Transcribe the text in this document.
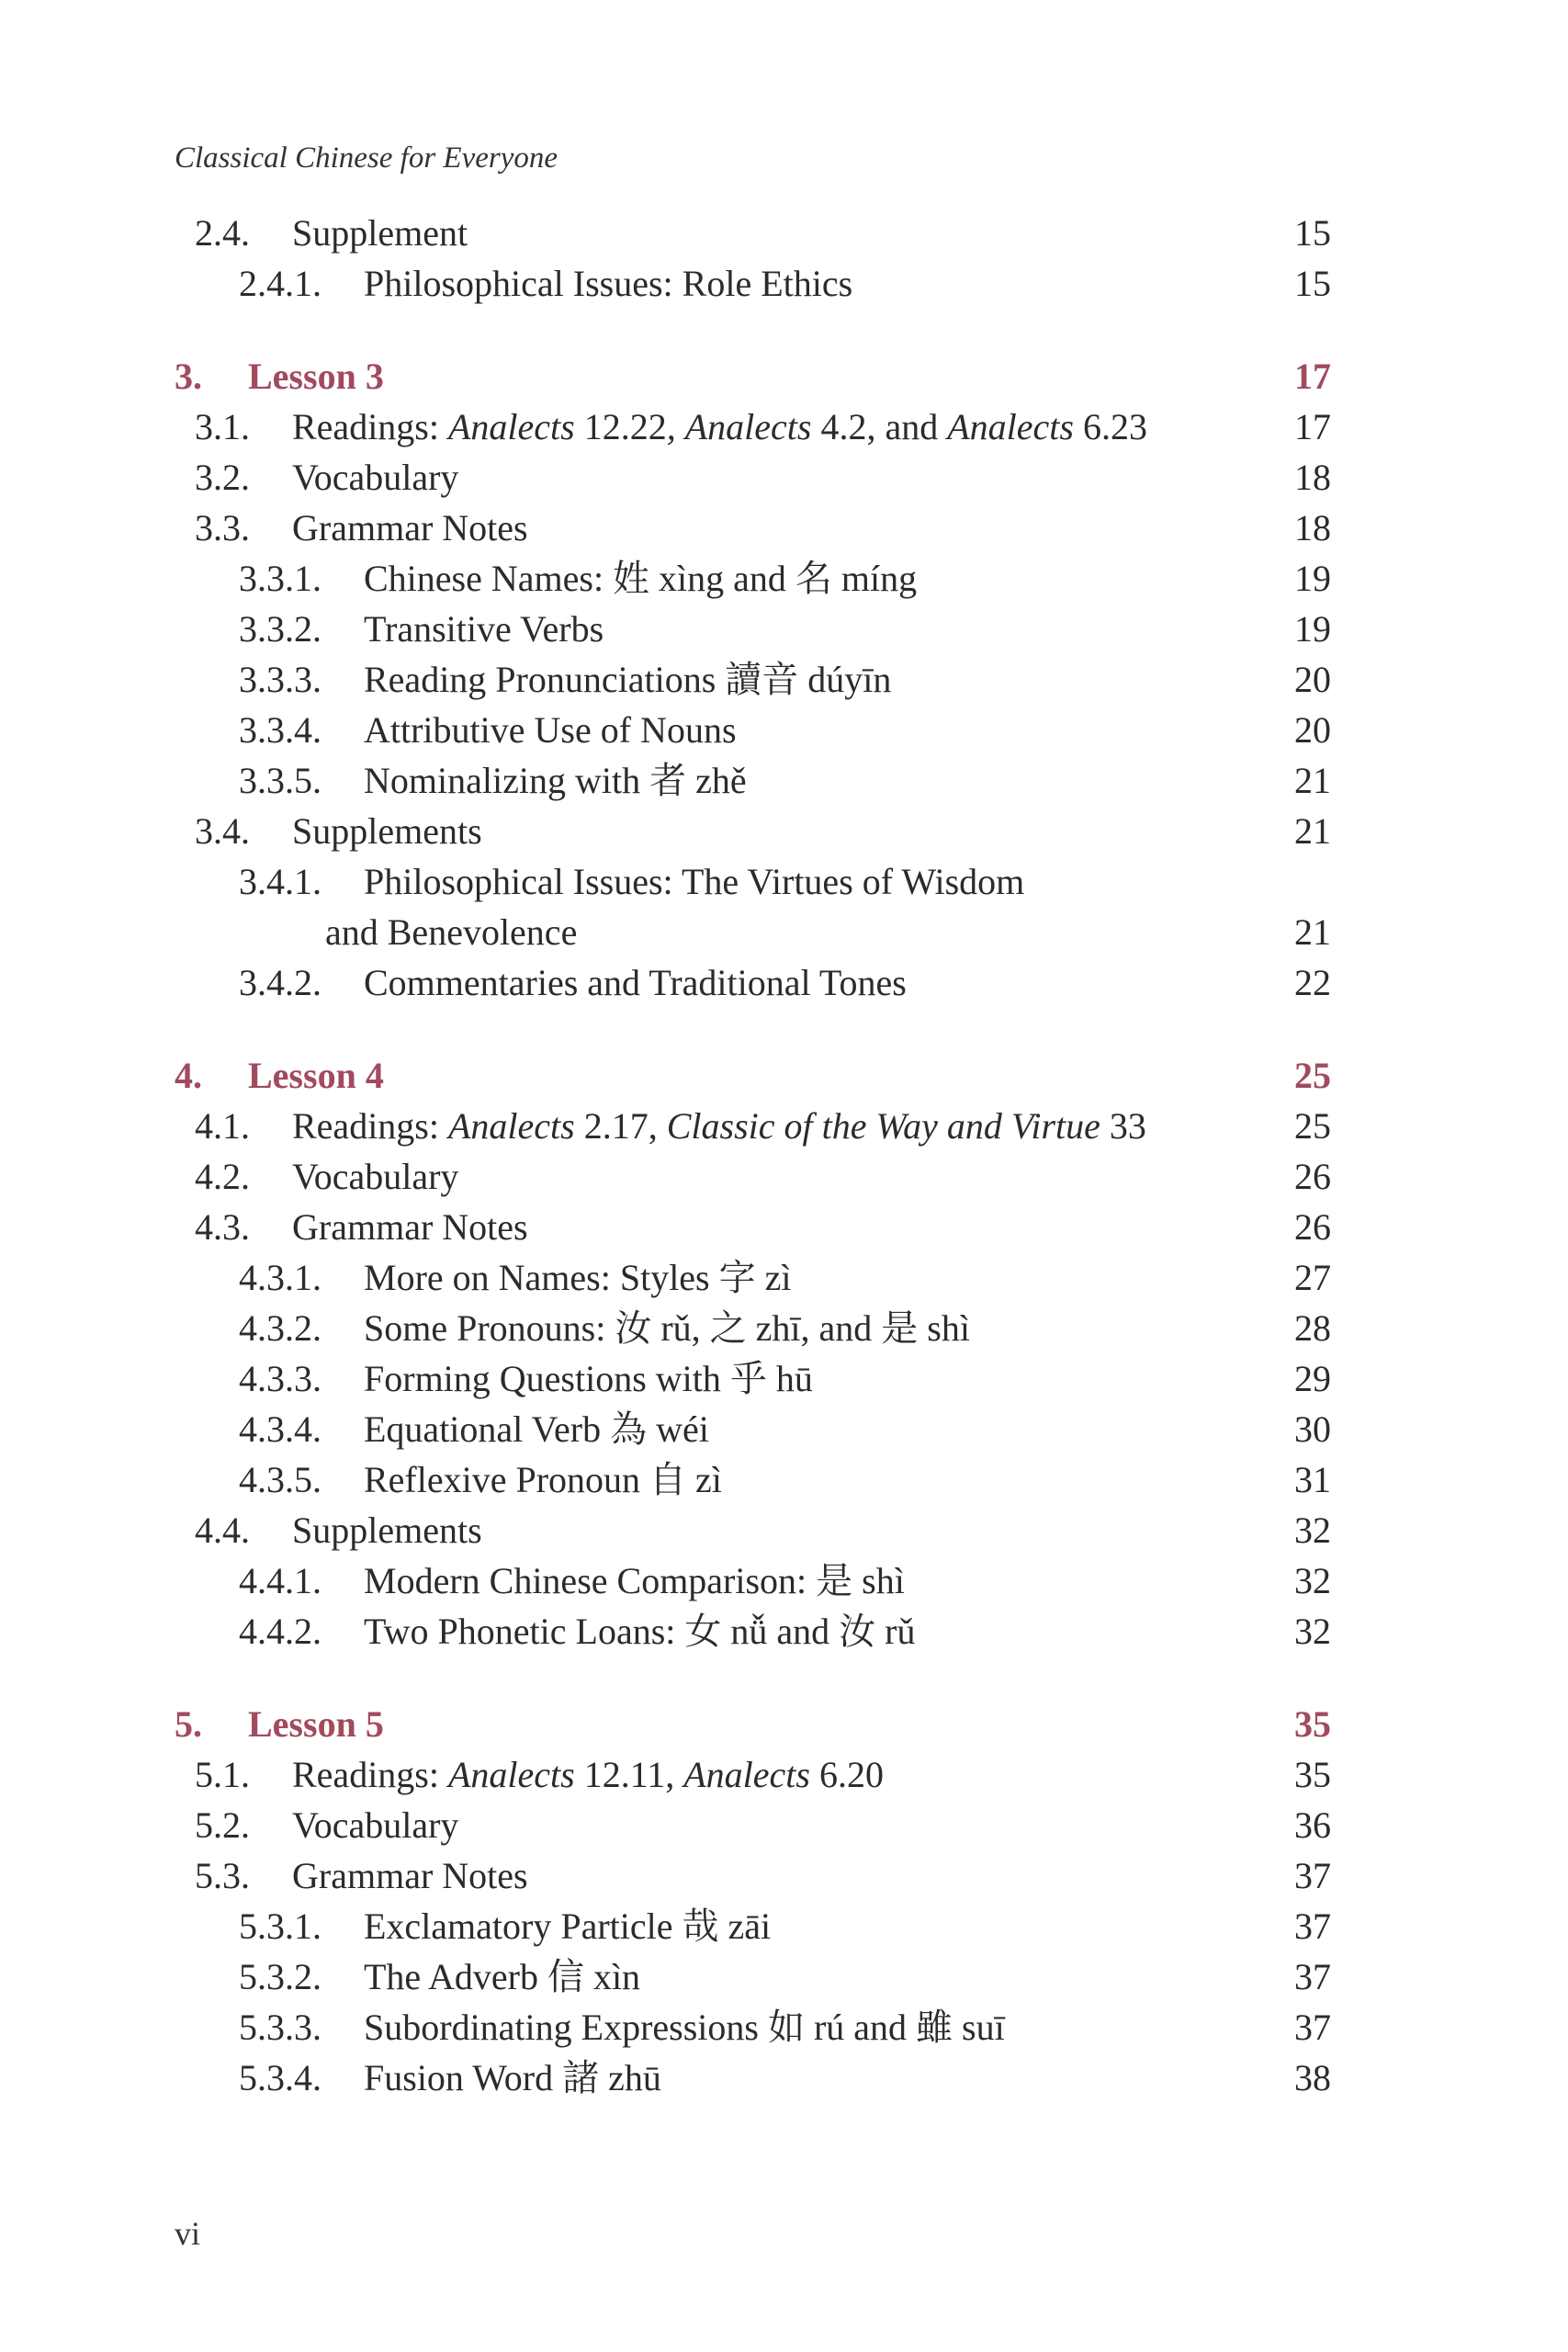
Classical Chinese for Everyone
2.4. Supplement	15
2.4.1. Philosophical Issues: Role Ethics	15
3. Lesson 3	17
3.1. Readings: Analects 12.22, Analects 4.2, and Analects 6.23	17
3.2. Vocabulary	18
3.3. Grammar Notes	18
3.3.1. Chinese Names: 姓 xìng and 名 míng	19
3.3.2. Transitive Verbs	19
3.3.3. Reading Pronunciations 讀音 dúyīn	20
3.3.4. Attributive Use of Nouns	20
3.3.5. Nominalizing with 者 zhě	21
3.4. Supplements	21
3.4.1. Philosophical Issues: The Virtues of Wisdom
and Benevolence	21
3.4.2. Commentaries and Traditional Tones	22
4. Lesson 4	25
4.1. Readings: Analects 2.17, Classic of the Way and Virtue 33	25
4.2. Vocabulary	26
4.3. Grammar Notes	26
4.3.1. More on Names: Styles 字 zì	27
4.3.2. Some Pronouns: 汝 rǔ, 之 zhī, and 是 shì	28
4.3.3. Forming Questions with 乎 hū	29
4.3.4. Equational Verb 為 wéi	30
4.3.5. Reflexive Pronoun 自 zì	31
4.4. Supplements	32
4.4.1. Modern Chinese Comparison: 是 shì	32
4.4.2. Two Phonetic Loans: 女 nǚ and 汝 rǔ	32
5. Lesson 5	35
5.1. Readings: Analects 12.11, Analects 6.20	35
5.2. Vocabulary	36
5.3. Grammar Notes	37
5.3.1. Exclamatory Particle 哉 zāi	37
5.3.2. The Adverb 信 xìn	37
5.3.3. Subordinating Expressions 如 rú and 雖 suī	37
5.3.4. Fusion Word 諸 zhū	38
vi
